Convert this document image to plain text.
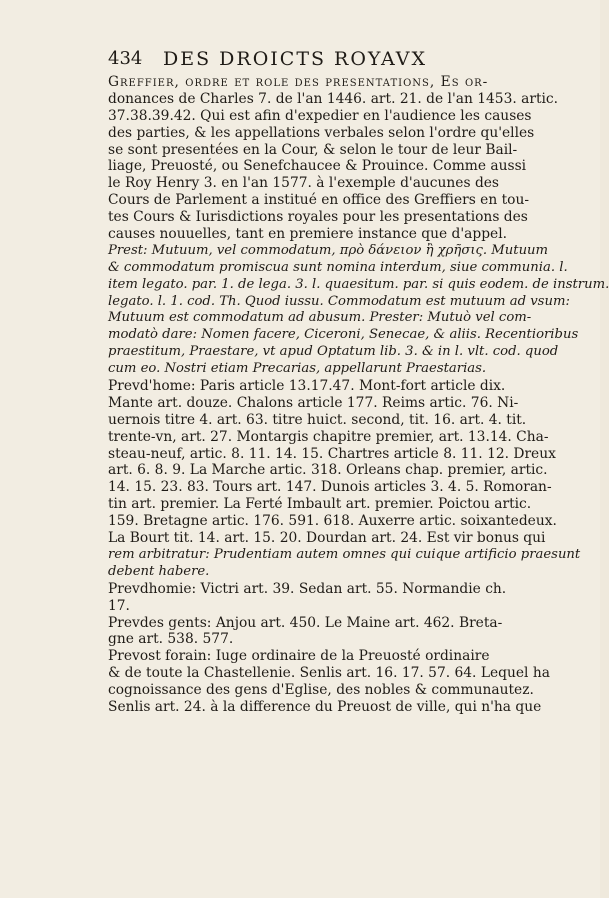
434 DES DROICTS ROYAVX
Greffier, ordre et role des presentations, Es or-
donances de Charles 7. de l'an 1446. art. 21. de l'an 1453. artic.
37.38.39.42. Qui est afin d'expedier en l'audience les causes
des parties, & les appellations verbales selon l'ordre qu'elles
se sont presentées en la Cour, & selon le tour de leur Bail-
liage, Preuosté, ou Senefchaucee & Prouince. Comme aussi
le Roy Henry 3. en l'an 1577. à l'exemple d'aucunes des
Cours de Parlement a institué en office des Greffiers en tou-
tes Cours & Iurisdictions royales pour les presentations des
causes nouuelles, tant en premiere instance que d'appel.
Prest: Mutuum, vel commodatum, πρὸ δάνειον ἢ χρῆσις. Mutuum
& commodatum promiscua sunt nomina interdum, siue communia. l.
item legato. par. 1. de lega. 3. l. quaesitum. par. si quis eodem. de instrum.
legato. l. 1. cod. Th. Quod iussu. Commodatum est mutuum ad vsum:
Mutuum est commodatum ad abusum. Prester: Mutuò vel com-
modatò dare: Nomen facere, Ciceroni, Senecae, & aliis. Recentioribus
praestitum, Praestare, vt apud Optatum lib. 3. & in l. vlt. cod. quod
cum eo. Nostri etiam Precarias, appellarunt Praestarias.
Prevd'home: Paris article 13.17.47. Mont-fort article dix.
Mante art. douze. Chalons article 177. Reims artic. 76. Ni-
uernois titre 4. art. 63. titre huict. second, tit. 16. art. 4. tit.
trente-vn, art. 27. Montargis chapitre premier, art. 13.14. Cha-
steau-neuf, artic. 8. 11. 14. 15. Chartres article 8. 11. 12. Dreux
art. 6. 8. 9. La Marche artic. 318. Orleans chap. premier, artic.
14. 15. 23. 83. Tours art. 147. Dunois articles 3. 4. 5. Romoran-
tin art. premier. La Ferté Imbault art. premier. Poictou artic.
159. Bretagne artic. 176. 591. 618. Auxerre artic. soixantedeux.
La Bourt tit. 14. art. 15. 20. Dourdan art. 24. Est vir bonus qui
rem arbitratur: Prudentiam autem omnes qui cuique artificio praesunt
debent habere.
Prevdhomie: Victri art. 39. Sedan art. 55. Normandie ch.
17.
Prevdes gents: Anjou art. 450. Le Maine art. 462. Breta-
gne art. 538. 577.
Prevost forain: Iuge ordinaire de la Preuosté ordinaire
& de toute la Chastellenie. Senlis art. 16. 17. 57. 64. Lequel ha
cognoissance des gens d'Eglise, des nobles & communautez.
Senlis art. 24. à la difference du Preuost de ville, qui n'ha que
